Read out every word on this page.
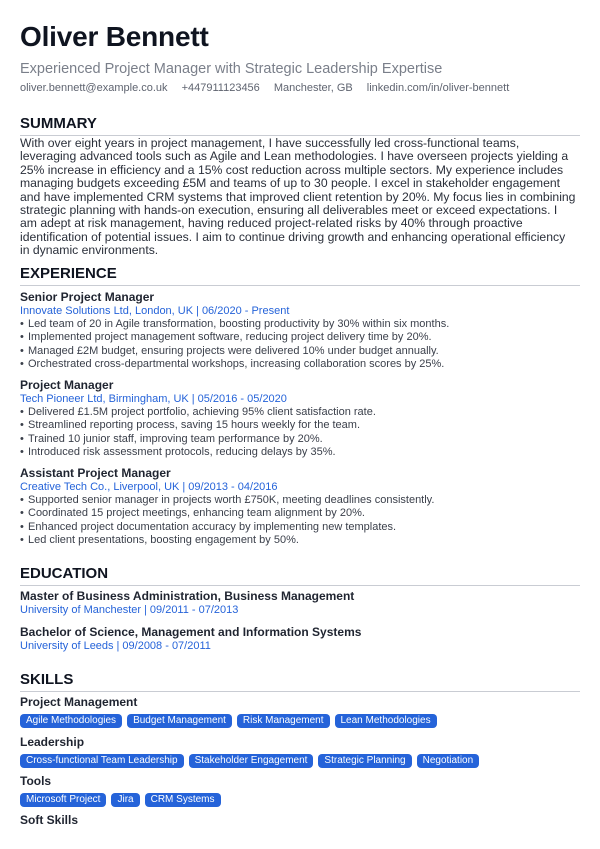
Oliver Bennett
Experienced Project Manager with Strategic Leadership Expertise
oliver.bennett@example.co.uk +447911123456 Manchester, GB linkedin.com/in/oliver-bennett
SUMMARY
With over eight years in project management, I have successfully led cross-functional teams, leveraging advanced tools such as Agile and Lean methodologies. I have overseen projects yielding a 25% increase in efficiency and a 15% cost reduction across multiple sectors. My experience includes managing budgets exceeding £5M and teams of up to 30 people. I excel in stakeholder engagement and have implemented CRM systems that improved client retention by 20%. My focus lies in combining strategic planning with hands-on execution, ensuring all deliverables meet or exceed expectations. I am adept at risk management, having reduced project-related risks by 40% through proactive identification of potential issues. I aim to continue driving growth and enhancing operational efficiency in dynamic environments.
EXPERIENCE
Senior Project Manager
Innovate Solutions Ltd, London, UK | 06/2020 - Present
• Led team of 20 in Agile transformation, boosting productivity by 30% within six months.
• Implemented project management software, reducing project delivery time by 20%.
• Managed £2M budget, ensuring projects were delivered 10% under budget annually.
• Orchestrated cross-departmental workshops, increasing collaboration scores by 25%.
Project Manager
Tech Pioneer Ltd, Birmingham, UK | 05/2016 - 05/2020
• Delivered £1.5M project portfolio, achieving 95% client satisfaction rate.
• Streamlined reporting process, saving 15 hours weekly for the team.
• Trained 10 junior staff, improving team performance by 20%.
• Introduced risk assessment protocols, reducing delays by 35%.
Assistant Project Manager
Creative Tech Co., Liverpool, UK | 09/2013 - 04/2016
• Supported senior manager in projects worth £750K, meeting deadlines consistently.
• Coordinated 15 project meetings, enhancing team alignment by 20%.
• Enhanced project documentation accuracy by implementing new templates.
• Led client presentations, boosting engagement by 50%.
EDUCATION
Master of Business Administration, Business Management
University of Manchester | 09/2011 - 07/2013
Bachelor of Science, Management and Information Systems
University of Leeds | 09/2008 - 07/2011
SKILLS
Project Management
Agile Methodologies	Budget Management	Risk Management	Lean Methodologies
Leadership
Cross-functional Team Leadership	Stakeholder Engagement	Strategic Planning	Negotiation
Tools
Microsoft Project	Jira	CRM Systems
Soft Skills
